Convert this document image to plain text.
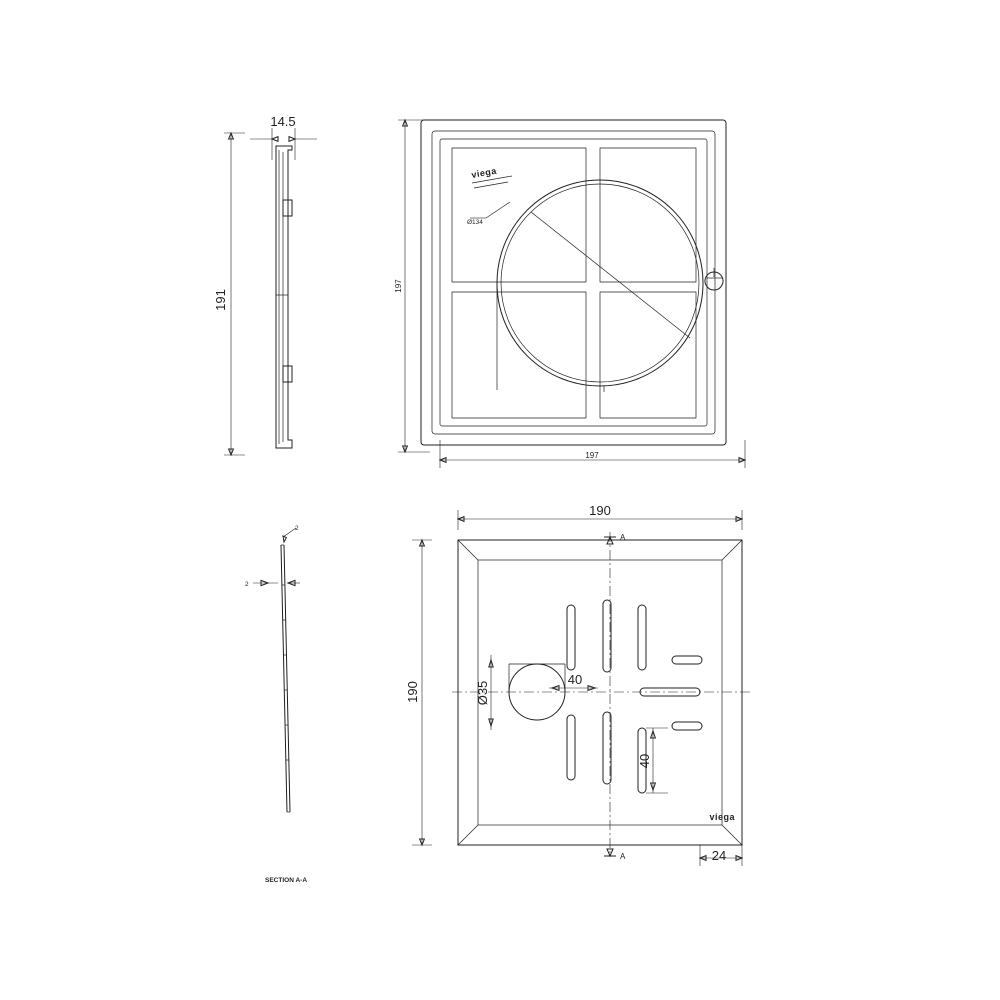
14.5
191
197
197
Ø134
viega
2
2
SECTION A-A
190
190	Ø35
40
40
24
A
A
viega
